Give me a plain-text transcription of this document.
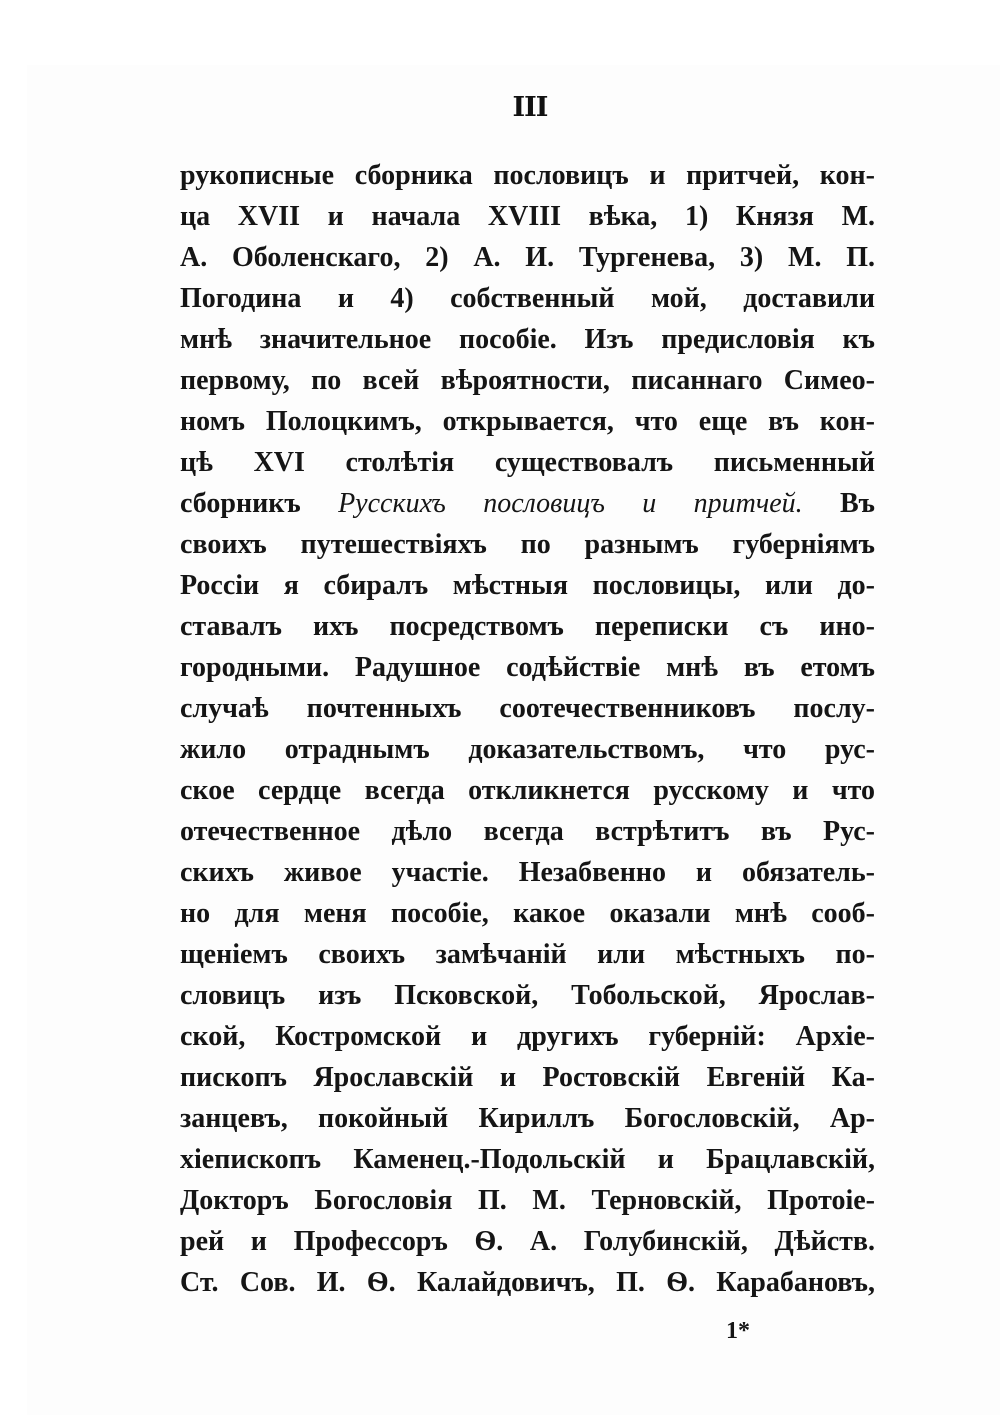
III
рукописные сборника пословицъ и притчей, кон-
ца XVII и начала XVIII вѣка, 1) Князя М.
А. Оболенскаго, 2) А. И. Тургенева, 3) М. П.
Погодина и 4) собственный мой, доставили
мнѣ значительное пособіе. Изъ предисловія къ
первому, по всей вѣроятности, писаннаго Симео-
номъ Полоцкимъ, открывается, что еще въ кон-
цѣ XVI столѣтія существовалъ письменный
сборникъ Русскихъ пословицъ и притчей. Въ
своихъ путешествіяхъ по разнымъ губерніямъ
Россіи я сбиралъ мѣстныя пословицы, или до-
ставалъ ихъ посредствомъ переписки съ ино-
городными. Радушное содѣйствіе мнѣ въ етомъ
случаѣ почтенныхъ соотечественниковъ послу-
жило отраднымъ доказательствомъ, что рус-
ское сердце всегда откликнется русскому и что
отечественное дѣло всегда встрѣтитъ въ Рус-
скихъ живое участіе. Незабвенно и обязатель-
но для меня пособіе, какое оказали мнѣ сооб-
щеніемъ своихъ замѣчаній или мѣстныхъ по-
словицъ изъ Псковской, Тобольской, Ярослав-
ской, Костромской и другихъ губерній: Архіе-
пископъ Ярославскій и Ростовскій Евгеній Ка-
занцевъ, покойный Кириллъ Богословскій, Ар-
хіепископъ Каменец.-Подольскій и Брацлавскій,
Докторъ Богословія П. М. Терновскій, Протоіе-
рей и Профессоръ Ѳ. А. Голубинскій, Дѣйств.
Ст. Сов. И. Ѳ. Калайдовичъ, П. Ѳ. Карабановъ,
1*
